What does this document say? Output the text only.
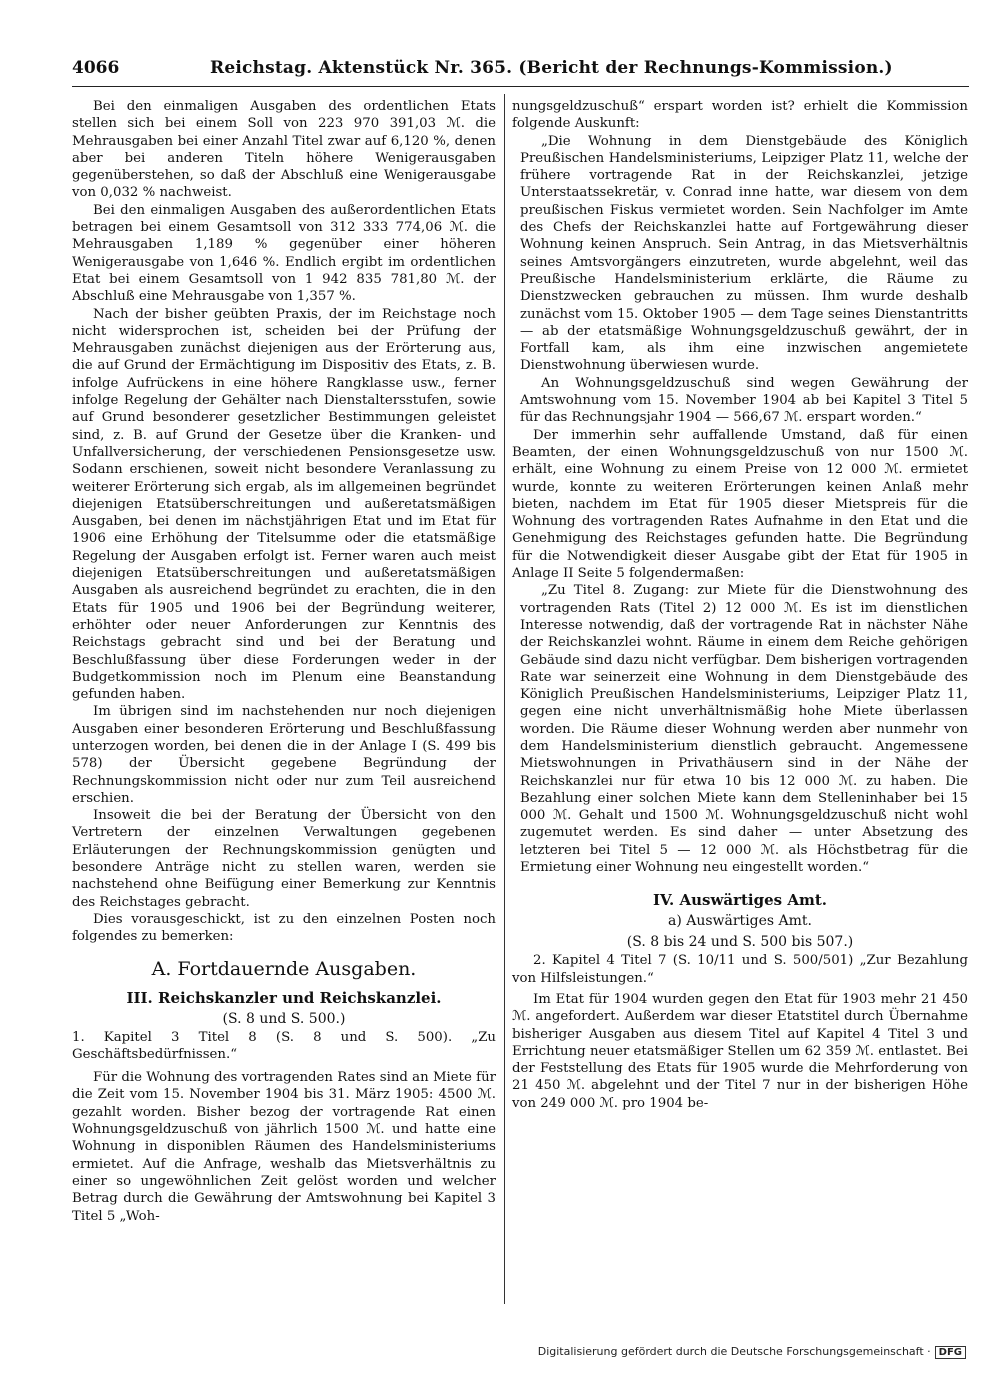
4066	Reichstag. Aktenstück Nr. 365. (Bericht der Rechnungs-Kommission.)

Bei den einmaligen Ausgaben des ordentlichen Etats stellen sich bei einem Soll von 223 970 391,03 ℳ. die Mehrausgaben bei einer Anzahl Titel zwar auf 6,120 %, denen aber bei anderen Titeln höhere Wenigerausgaben gegenüberstehen, so daß der Abschluß eine Wenigerausgabe von 0,032 % nachweist.

Bei den einmaligen Ausgaben des außerordentlichen Etats betragen bei einem Gesamtsoll von 312 333 774,06 ℳ. die Mehrausgaben 1,189 % gegenüber einer höheren Wenigerausgabe von 1,646 %. Endlich ergibt im ordentlichen Etat bei einem Gesamtsoll von 1 942 835 781,80 ℳ. der Abschluß eine Mehrausgabe von 1,357 %.

Nach der bisher geübten Praxis, der im Reichstage noch nicht widersprochen ist, scheiden bei der Prüfung der Mehrausgaben zunächst diejenigen aus der Erörterung aus, die auf Grund der Ermächtigung im Dispositiv des Etats, z. B. infolge Aufrückens in eine höhere Rangklasse usw., ferner infolge Regelung der Gehälter nach Dienstaltersstufen, sowie auf Grund besonderer gesetzlicher Bestimmungen geleistet sind, z. B. auf Grund der Gesetze über die Kranken- und Unfallversicherung, der verschiedenen Pensionsgesetze usw. Sodann erschienen, soweit nicht besondere Veranlassung zu weiterer Erörterung sich ergab, als im allgemeinen begründet diejenigen Etatsüberschreitungen und außeretatsmäßigen Ausgaben, bei denen im nächstjährigen Etat und im Etat für 1906 eine Erhöhung der Titelsumme oder die etatsmäßige Regelung der Ausgaben erfolgt ist. Ferner waren auch meist diejenigen Etatsüberschreitungen und außeretatsmäßigen Ausgaben als ausreichend begründet zu erachten, die in den Etats für 1905 und 1906 bei der Begründung weiterer, erhöhter oder neuer Anforderungen zur Kenntnis des Reichstags gebracht sind und bei der Beratung und Beschlußfassung über diese Forderungen weder in der Budgetkommission noch im Plenum eine Beanstandung gefunden haben.

Im übrigen sind im nachstehenden nur noch diejenigen Ausgaben einer besonderen Erörterung und Beschlußfassung unterzogen worden, bei denen die in der Anlage I (S. 499 bis 578) der Übersicht gegebene Begründung der Rechnungskommission nicht oder nur zum Teil ausreichend erschien.

Insoweit die bei der Beratung der Übersicht von den Vertretern der einzelnen Verwaltungen gegebenen Erläuterungen der Rechnungskommission genügten und besondere Anträge nicht zu stellen waren, werden sie nachstehend ohne Beifügung einer Bemerkung zur Kenntnis des Reichstages gebracht.

Dies vorausgeschickt, ist zu den einzelnen Posten noch folgendes zu bemerken:

A. Fortdauernde Ausgaben.
III. Reichskanzler und Reichskanzlei.
(S. 8 und S. 500.)

1. Kapitel 3 Titel 8 (S. 8 und S. 500). „Zu Geschäftsbedürfnissen.“

Für die Wohnung des vortragenden Rates sind an Miete für die Zeit vom 15. November 1904 bis 31. März 1905: 4500 ℳ. gezahlt worden. Bisher bezog der vortragende Rat einen Wohnungsgeldzuschuß von jährlich 1500 ℳ. und hatte eine Wohnung in disponiblen Räumen des Handelsministeriums ermietet. Auf die Anfrage, weshalb das Mietsverhältnis zu einer so ungewöhnlichen Zeit gelöst worden und welcher Betrag durch die Gewährung der Amtswohnung bei Kapitel 3 Titel 5 „Woh-

nungsgeldzuschuß“ erspart worden ist? erhielt die Kommission folgende Auskunft:

„Die Wohnung in dem Dienstgebäude des Königlich Preußischen Handelsministeriums, Leipziger Platz 11, welche der frühere vortragende Rat in der Reichskanzlei, jetzige Unterstaatssekretär, v. Conrad inne hatte, war diesem von dem preußischen Fiskus vermietet worden. Sein Nachfolger im Amte des Chefs der Reichskanzlei hatte auf Fortgewährung dieser Wohnung keinen Anspruch. Sein Antrag, in das Mietsverhältnis seines Amtsvorgängers einzutreten, wurde abgelehnt, weil das Preußische Handelsministerium erklärte, die Räume zu Dienstzwecken gebrauchen zu müssen. Ihm wurde deshalb zunächst vom 15. Oktober 1905 — dem Tage seines Dienstantritts — ab der etatsmäßige Wohnungsgeldzuschuß gewährt, der in Fortfall kam, als ihm eine inzwischen angemietete Dienstwohnung überwiesen wurde.

An Wohnungsgeldzuschuß sind wegen Gewährung der Amtswohnung vom 15. November 1904 ab bei Kapitel 3 Titel 5 für das Rechnungsjahr 1904 — 566,67 ℳ. erspart worden.“

Der immerhin sehr auffallende Umstand, daß für einen Beamten, der einen Wohnungsgeldzuschuß von nur 1500 ℳ. erhält, eine Wohnung zu einem Preise von 12 000 ℳ. ermietet wurde, konnte zu weiteren Erörterungen keinen Anlaß mehr bieten, nachdem im Etat für 1905 dieser Mietspreis für die Wohnung des vortragenden Rates Aufnahme in den Etat und die Genehmigung des Reichstages gefunden hatte. Die Begründung für die Notwendigkeit dieser Ausgabe gibt der Etat für 1905 in Anlage II Seite 5 folgendermaßen:

„Zu Titel 8. Zugang: zur Miete für die Dienstwohnung des vortragenden Rats (Titel 2) 12 000 ℳ. Es ist im dienstlichen Interesse notwendig, daß der vortragende Rat in nächster Nähe der Reichskanzlei wohnt. Räume in einem dem Reiche gehörigen Gebäude sind dazu nicht verfügbar. Dem bisherigen vortragenden Rate war seinerzeit eine Wohnung in dem Dienstgebäude des Königlich Preußischen Handelsministeriums, Leipziger Platz 11, gegen eine nicht unverhältnismäßig hohe Miete überlassen worden. Die Räume dieser Wohnung werden aber nunmehr von dem Handelsministerium dienstlich gebraucht. Angemessene Mietswohnungen in Privathäusern sind in der Nähe der Reichskanzlei nur für etwa 10 bis 12 000 ℳ. zu haben. Die Bezahlung einer solchen Miete kann dem Stelleninhaber bei 15 000 ℳ. Gehalt und 1500 ℳ. Wohnungsgeldzuschuß nicht wohl zugemutet werden. Es sind daher — unter Absetzung des letzteren bei Titel 5 — 12 000 ℳ. als Höchstbetrag für die Ermietung einer Wohnung neu eingestellt worden.“

IV. Auswärtiges Amt.
a) Auswärtiges Amt.
(S. 8 bis 24 und S. 500 bis 507.)

2. Kapitel 4 Titel 7 (S. 10/11 und S. 500/501) „Zur Bezahlung von Hilfsleistungen.“

Im Etat für 1904 wurden gegen den Etat für 1903 mehr 21 450 ℳ. angefordert. Außerdem war dieser Etatstitel durch Übernahme bisheriger Ausgaben aus diesem Titel auf Kapitel 4 Titel 3 und Errichtung neuer etatsmäßiger Stellen um 62 359 ℳ. entlastet. Bei der Feststellung des Etats für 1905 wurde die Mehrforderung von 21 450 ℳ. abgelehnt und der Titel 7 nur in der bisherigen Höhe von 249 000 ℳ. pro 1904 be-

Digitalisierung gefördert durch die Deutsche Forschungsgemeinschaft · DFG
